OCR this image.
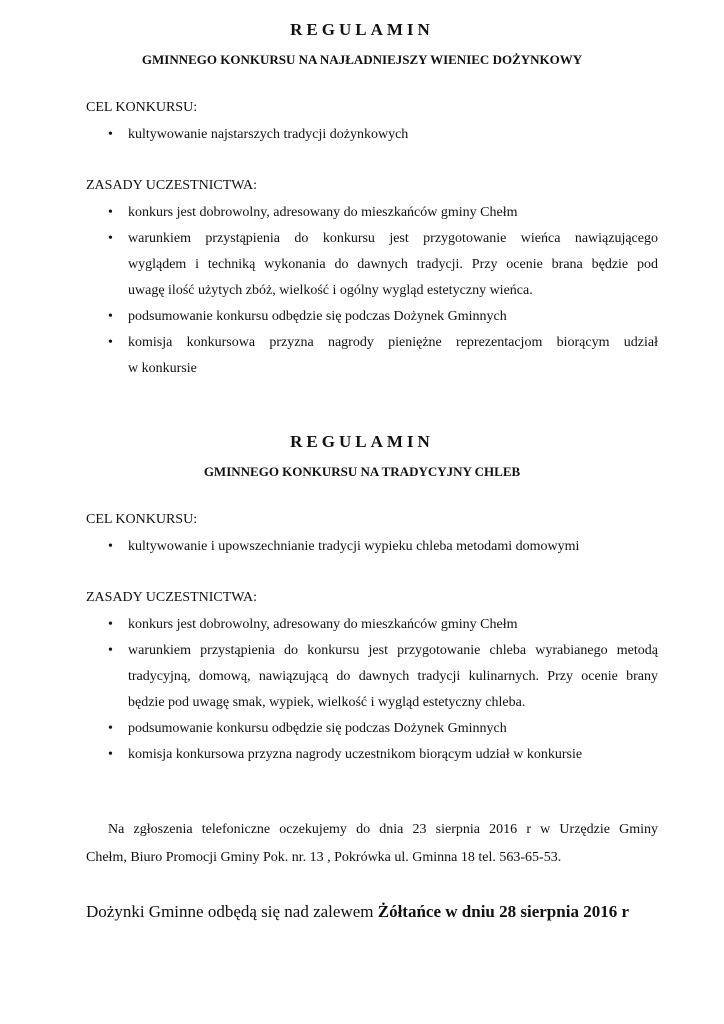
REGULAMIN
GMINNEGO KONKURSU NA NAJŁADNIEJSZY WIENIEC DOŻYNKOWY
CEL KONKURSU:
• kultywowanie najstarszych tradycji dożynkowych
ZASADY UCZESTNICTWA:
• konkurs jest dobrowolny, adresowany do mieszkańców gminy Chełm
• warunkiem przystąpienia do konkursu jest przygotowanie wieńca nawiązującego
wyglądem i techniką wykonania do dawnych tradycji. Przy ocenie brana będzie pod
uwagę ilość użytych zbóż, wielkość i ogólny wygląd estetyczny wieńca.
• podsumowanie konkursu odbędzie się podczas Dożynek Gminnych
• komisja konkursowa przyzna nagrody pieniężne reprezentacjom biorącym udział
w konkursie
REGULAMIN
GMINNEGO KONKURSU NA TRADYCYJNY CHLEB
CEL KONKURSU:
• kultywowanie i upowszechnianie tradycji wypieku chleba metodami domowymi
ZASADY UCZESTNICTWA:
• konkurs jest dobrowolny, adresowany do mieszkańców gminy Chełm
• warunkiem przystąpienia do konkursu jest przygotowanie chleba wyrabianego metodą
tradycyjną, domową, nawiązującą do dawnych tradycji kulinarnych. Przy ocenie brany
będzie pod uwagę smak, wypiek, wielkość i wygląd estetyczny chleba.
• podsumowanie konkursu odbędzie się podczas Dożynek Gminnych
• komisja konkursowa przyzna nagrody uczestnikom biorącym udział w konkursie
Na zgłoszenia telefoniczne oczekujemy do dnia 23 sierpnia 2016 r w Urzędzie Gminy
Chełm, Biuro Promocji Gminy Pok. nr. 13 , Pokrówka ul. Gminna 18 tel. 563-65-53.
Dożynki Gminne odbędą się nad zalewem Żółtańce w dniu 28 sierpnia 2016 r
